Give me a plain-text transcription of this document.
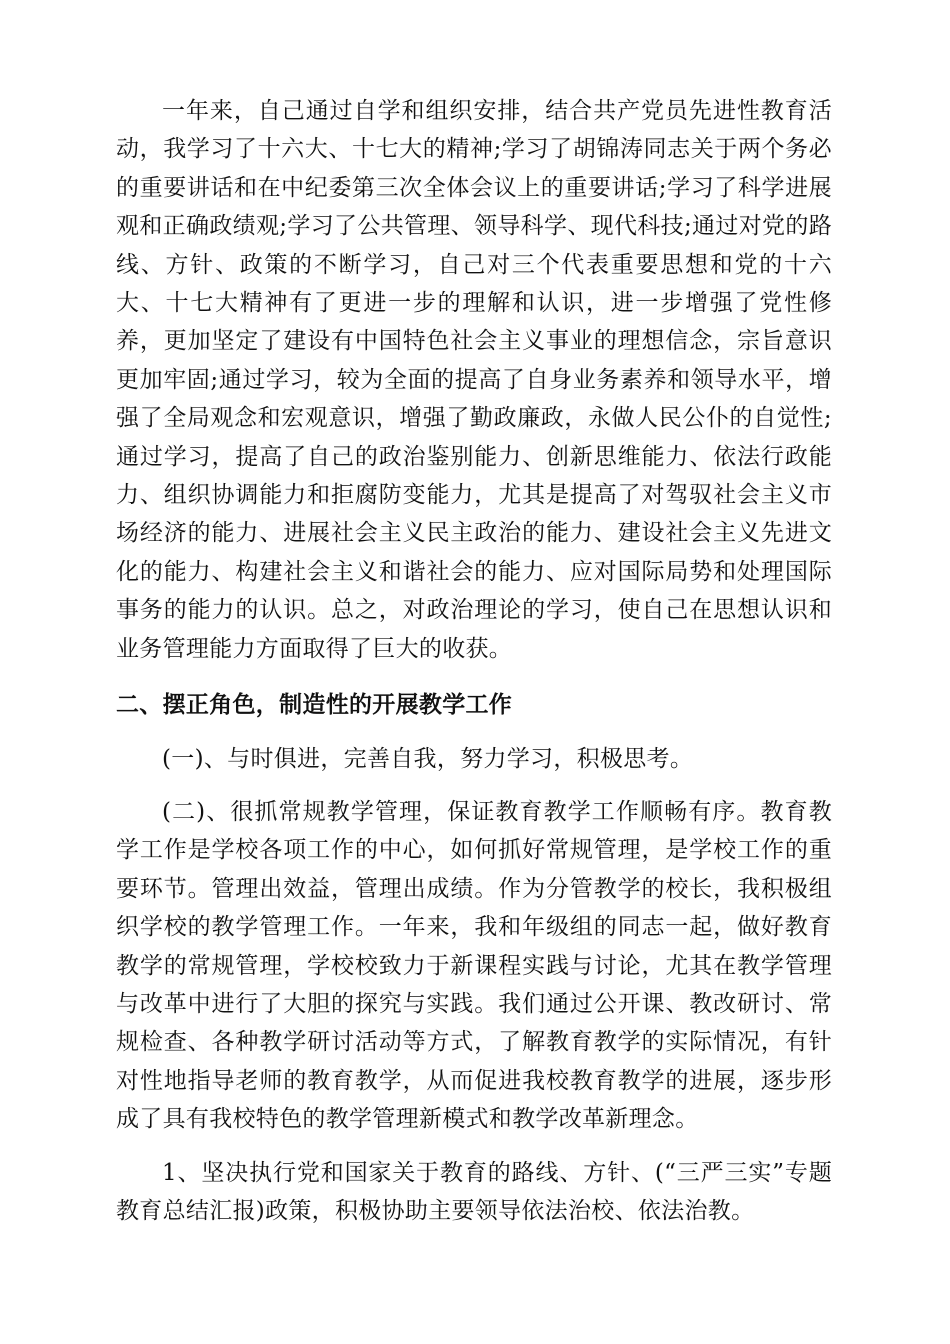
一年来，自己通过自学和组织安排，结合共产党员先进性教育活动，我学习了十六大、十七大的精神;学习了胡锦涛同志关于两个务必的重要讲话和在中纪委第三次全体会议上的重要讲话;学习了科学进展观和正确政绩观;学习了公共管理、领导科学、现代科技;通过对党的路线、方针、政策的不断学习，自己对三个代表重要思想和党的十六大、十七大精神有了更进一步的理解和认识，进一步增强了党性修养，更加坚定了建设有中国特色社会主义事业的理想信念，宗旨意识更加牢固;通过学习，较为全面的提高了自身业务素养和领导水平，增强了全局观念和宏观意识，增强了勤政廉政，永做人民公仆的自觉性;通过学习，提高了自己的政治鉴别能力、创新思维能力、依法行政能力、组织协调能力和拒腐防变能力，尤其是提高了对驾驭社会主义市场经济的能力、进展社会主义民主政治的能力、建设社会主义先进文化的能力、构建社会主义和谐社会的能力、应对国际局势和处理国际事务的能力的认识。总之，对政治理论的学习，使自己在思想认识和业务管理能力方面取得了巨大的收获。

二、摆正角色，制造性的开展教学工作

(一)、与时俱进，完善自我，努力学习，积极思考。

(二)、很抓常规教学管理，保证教育教学工作顺畅有序。教育教学工作是学校各项工作的中心，如何抓好常规管理，是学校工作的重要环节。管理出效益，管理出成绩。作为分管教学的校长，我积极组织学校的教学管理工作。一年来，我和年级组的同志一起，做好教育教学的常规管理，学校校致力于新课程实践与讨论，尤其在教学管理与改革中进行了大胆的探究与实践。我们通过公开课、教改研讨、常规检查、各种教学研讨活动等方式，了解教育教学的实际情况，有针对性地指导老师的教育教学，从而促进我校教育教学的进展，逐步形成了具有我校特色的教学管理新模式和教学改革新理念。

1、坚决执行党和国家关于教育的路线、方针、(“三严三实”专题教育总结汇报)政策，积极协助主要领导依法治校、依法治教。
